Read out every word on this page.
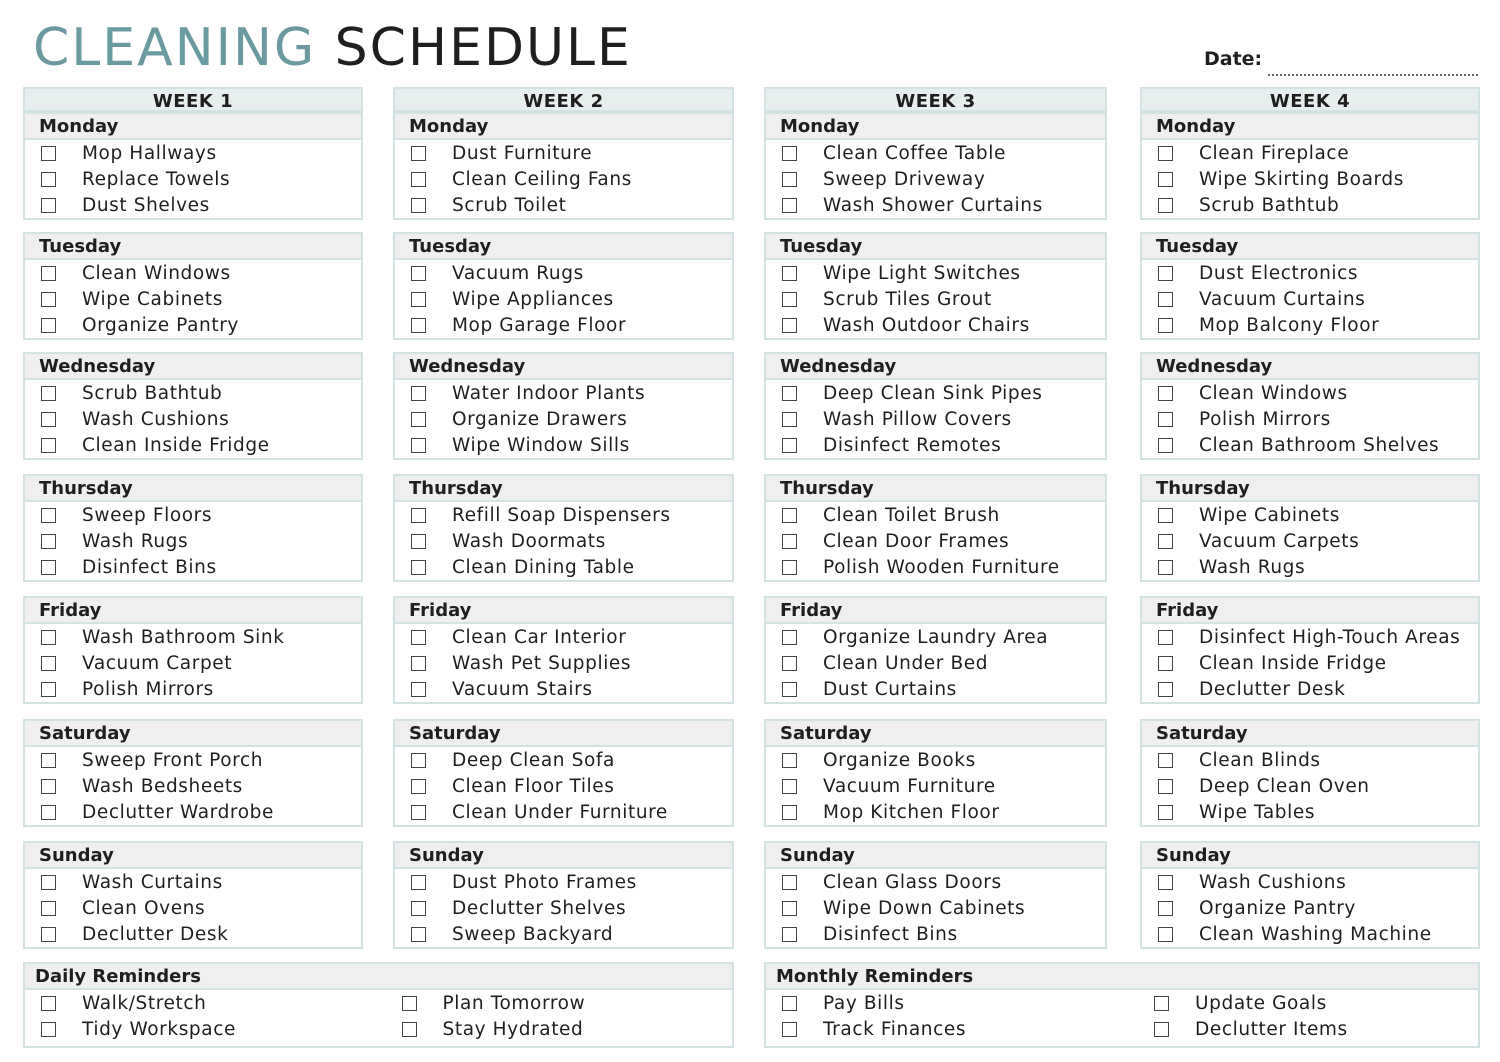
CLEANING SCHEDULE	Date:
WEEK 1
Monday
Mop Hallways
Replace Towels
Dust Shelves
Tuesday
Clean Windows
Wipe Cabinets
Organize Pantry
Wednesday
Scrub Bathtub
Wash Cushions
Clean Inside Fridge
Thursday
Sweep Floors
Wash Rugs
Disinfect Bins
Friday
Wash Bathroom Sink
Vacuum Carpet
Polish Mirrors
Saturday
Sweep Front Porch
Wash Bedsheets
Declutter Wardrobe
Sunday
Wash Curtains
Clean Ovens
Declutter Desk
WEEK 2
Monday
Dust Furniture
Clean Ceiling Fans
Scrub Toilet
Tuesday
Vacuum Rugs
Wipe Appliances
Mop Garage Floor
Wednesday
Water Indoor Plants
Organize Drawers
Wipe Window Sills
Thursday
Refill Soap Dispensers
Wash Doormats
Clean Dining Table
Friday
Clean Car Interior
Wash Pet Supplies
Vacuum Stairs
Saturday
Deep Clean Sofa
Clean Floor Tiles
Clean Under Furniture
Sunday
Dust Photo Frames
Declutter Shelves
Sweep Backyard
WEEK 3
Monday
Clean Coffee Table
Sweep Driveway
Wash Shower Curtains
Tuesday
Wipe Light Switches
Scrub Tiles Grout
Wash Outdoor Chairs
Wednesday
Deep Clean Sink Pipes
Wash Pillow Covers
Disinfect Remotes
Thursday
Clean Toilet Brush
Clean Door Frames
Polish Wooden Furniture
Friday
Organize Laundry Area
Clean Under Bed
Dust Curtains
Saturday
Organize Books
Vacuum Furniture
Mop Kitchen Floor
Sunday
Clean Glass Doors
Wipe Down Cabinets
Disinfect Bins
WEEK 4
Monday
Clean Fireplace
Wipe Skirting Boards
Scrub Bathtub
Tuesday
Dust Electronics
Vacuum Curtains
Mop Balcony Floor
Wednesday
Clean Windows
Polish Mirrors
Clean Bathroom Shelves
Thursday
Wipe Cabinets
Vacuum Carpets
Wash Rugs
Friday
Disinfect High-Touch Areas
Clean Inside Fridge
Declutter Desk
Saturday
Clean Blinds
Deep Clean Oven
Wipe Tables
Sunday
Wash Cushions
Organize Pantry
Clean Washing Machine
Daily Reminders
Walk/Stretch
Tidy Workspace
Plan Tomorrow
Stay Hydrated
Monthly Reminders
Pay Bills
Track Finances
Update Goals
Declutter Items
